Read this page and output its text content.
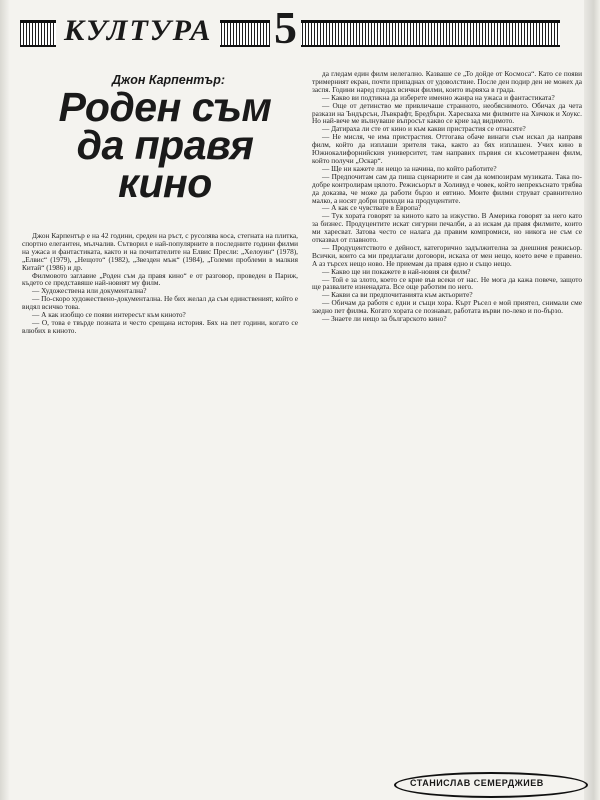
КУЛТУРА 5
Джон Карпентър:
Роден съм
да правя
кино

Джон Карпентър е на 42 години, среден на ръст, с русолява коса, стегната на плитка, спортно елегантен, мълчалив. Сътворил е най-популярните в последните години филми на ужаса и фантастиката, както и на почитателите на Елвис Пресли: „Хелоуин“ (1978), „Елвис“ (1979), „Нещото“ (1982), „Звезден мъж“ (1984), „Големи проблеми в малкия Китай“ (1986) и др.

Филмовото заглавие „Роден съм да правя кино“ е от разговор, проведен в Париж, където се представяше най-новият му филм.

— Художествена или документална?

— По-скоро художествено-документална. Не бих желал да съм единственият, който е видял всичко това.

— А как изобщо се появи интересът към киното?

— О, това е твърде позната и често срещана история. Бях на пет години, когато се влюбих в киното.

да гледам един филм нелегално. Казваше се „То дойде от Космоса“. Като се появи тримерният екран, почти припаднах от удоволствие. После ден подир ден не можех да заспя. Години наред гледах всички филми, които вървяха в града.

— Какво ви подтикна да изберете именно жанра на ужаса и фантастиката?

— Още от детинство ме привличаше странното, необяснимото. Обичах да чета разкази на Ъндърсън, Лъвкрафт, Бредбъри. Харесваха ми филмите на Хичкок и Хоукс. Но най-вече ме вълнуваше въпросът какво се крие зад видимото.

— Датираха ли сте от кино и към какви пристрастия се отнасяте?

— Не мисля, че има пристрастия. Оттогава обаче винаги съм искал да направя филм, който да изплаши зрителя така, както аз бях изплашен. Учих кино в Южнокалифорнийския университет, там направих първия си късометражен филм, който получи „Оскар“.

— Ще ни кажете ли нещо за начина, по който работите?

— Предпочитам сам да пиша сценариите и сам да композирам музиката. Така по-добре контролирам цялото. Режисьорът в Холивуд е човек, който непрекъснато трябва да доказва, че може да работи бързо и евтино. Моите филми струват сравнително малко, а носят добри приходи на продуцентите.

— А как се чувствате в Европа?

— Тук хората говорят за киното като за изкуство. В Америка говорят за него като за бизнес. Продуцентите искат сигурни печалби, а аз искам да правя филмите, които ми харесват. Затова често се налага да правим компромиси, но никога не съм се отказвал от главното.

— Продуцентството е дейност, категорично задължителна за днешния режисьор. Всички, които са ми предлагали договори, искаха от мен нещо, което вече е правено. А аз търсех нещо ново. Не приемам да правя едно и също нещо.

— Какво ще ни покажете в най-новия си филм?

— Той е за злото, което се крие във всеки от нас. Не мога да кажа повече, защото ще развалите изненадата. Все още работим по него.

— Какви са ви предпочитанията към актьорите?

— Обичам да работя с едни и същи хора. Кърт Ръсел е мой приятел, снимали сме заедно пет филма. Когато хората се познават, работата върви по-леко и по-бързо.

— Знаете ли нещо за българското кино?

СТАНИСЛАВ СЕМЕРДЖИЕВ
